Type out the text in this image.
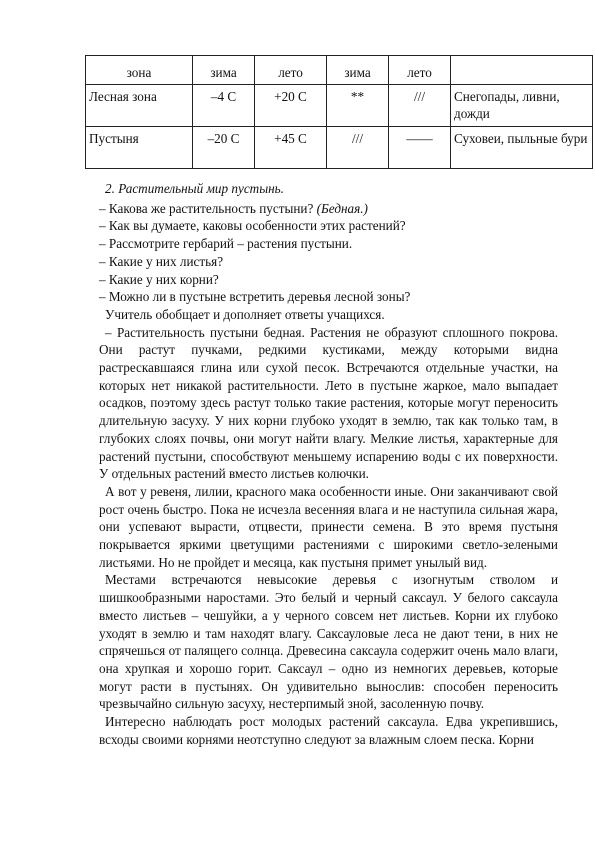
зона	зима	лето	зима	лето	
Лесная зона	–4 С	+20 С	**	///	Снегопады, ливни, дожди
Пустыня	–20 С	+45 С	///	——	Суховеи, пыльные бури

2. Растительный мир пустынь.

– Какова же растительность пустыни? (Бедная.)

– Как вы думаете, каковы особенности этих растений?

– Рассмотрите гербарий – растения пустыни.

– Какие у них листья?

– Какие у них корни?

– Можно ли в пустыне встретить деревья лесной зоны?

Учитель обобщает и дополняет ответы учащихся.

– Растительность пустыни бедная. Растения не образуют сплошного покрова. Они растут пучками, редкими кустиками, между которыми видна растрескавшаяся глина или сухой песок. Встречаются отдельные участки, на которых нет никакой растительности. Лето в пустыне жаркое, мало выпадает осадков, поэтому здесь растут только такие растения, которые могут переносить длительную засуху. У них корни глубоко уходят в землю, так как только там, в глубоких слоях почвы, они могут найти влагу. Мелкие листья, характерные для растений пустыни, способствуют меньшему испарению воды с их поверхности. У отдельных растений вместо листьев колючки.

А вот у ревеня, лилии, красного мака особенности иные. Они заканчивают свой рост очень быстро. Пока не исчезла весенняя влага и не наступила сильная жара, они успевают вырасти, отцвести, принести семена. В это время пустыня покрывается яркими цветущими растениями с широкими светло-зелеными листьями. Но не пройдет и месяца, как пустыня примет унылый вид.

Местами встречаются невысокие деревья с изогнутым стволом и шишкообразными наростами. Это белый и черный саксаул. У белого саксаула вместо листьев – чешуйки, а у черного совсем нет листьев. Корни их глубоко уходят в землю и там находят влагу. Саксауловые леса не дают тени, в них не спрячешься от палящего солнца. Древесина саксаула содержит очень мало влаги, она хрупкая и хорошо горит. Саксаул – одно из немногих деревьев, которые могут расти в пустынях. Он удивительно вынослив: способен переносить чрезвычайно сильную засуху, нестерпимый зной, засоленную почву.

Интересно наблюдать рост молодых растений саксаула. Едва укрепившись, всходы своими корнями неотступно следуют за влажным слоем песка. Корни
